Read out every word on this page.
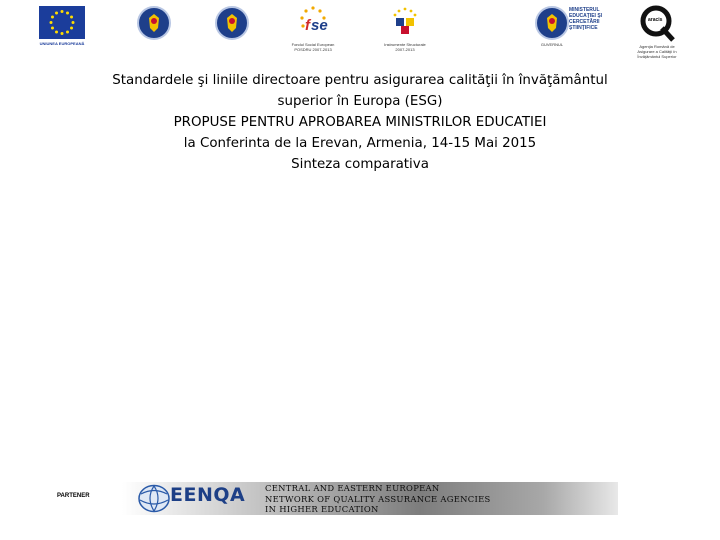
UNIUNEA EUROPEANĂ
f se
Fondul Social European
POSDRU 2007-2013
Instrumente Structurale
2007-2013
MINISTERUL
EDUCAŢIEI ŞI
CERCETĂRII
ŞTIINŢIFICE
GUVERNUL
aracis
Agenţia Română de
Asigurare a Calităţii în
Învăţământul Superior
Standardele şi liniile directoare pentru asigurarea calităţii în învăţământul
superior în Europa (ESG)
PROPUSE PENTRU APROBAREA MINISTRILOR EDUCATIEI
la Conferinta de la Erevan, Armenia, 14-15 Mai 2015
Sinteza comparativa
PARTENER	EENQA CENTRAL AND EASTERN EUROPEAN
NETWORK OF QUALITY ASSURANCE AGENCIES
IN HIGHER EDUCATION
